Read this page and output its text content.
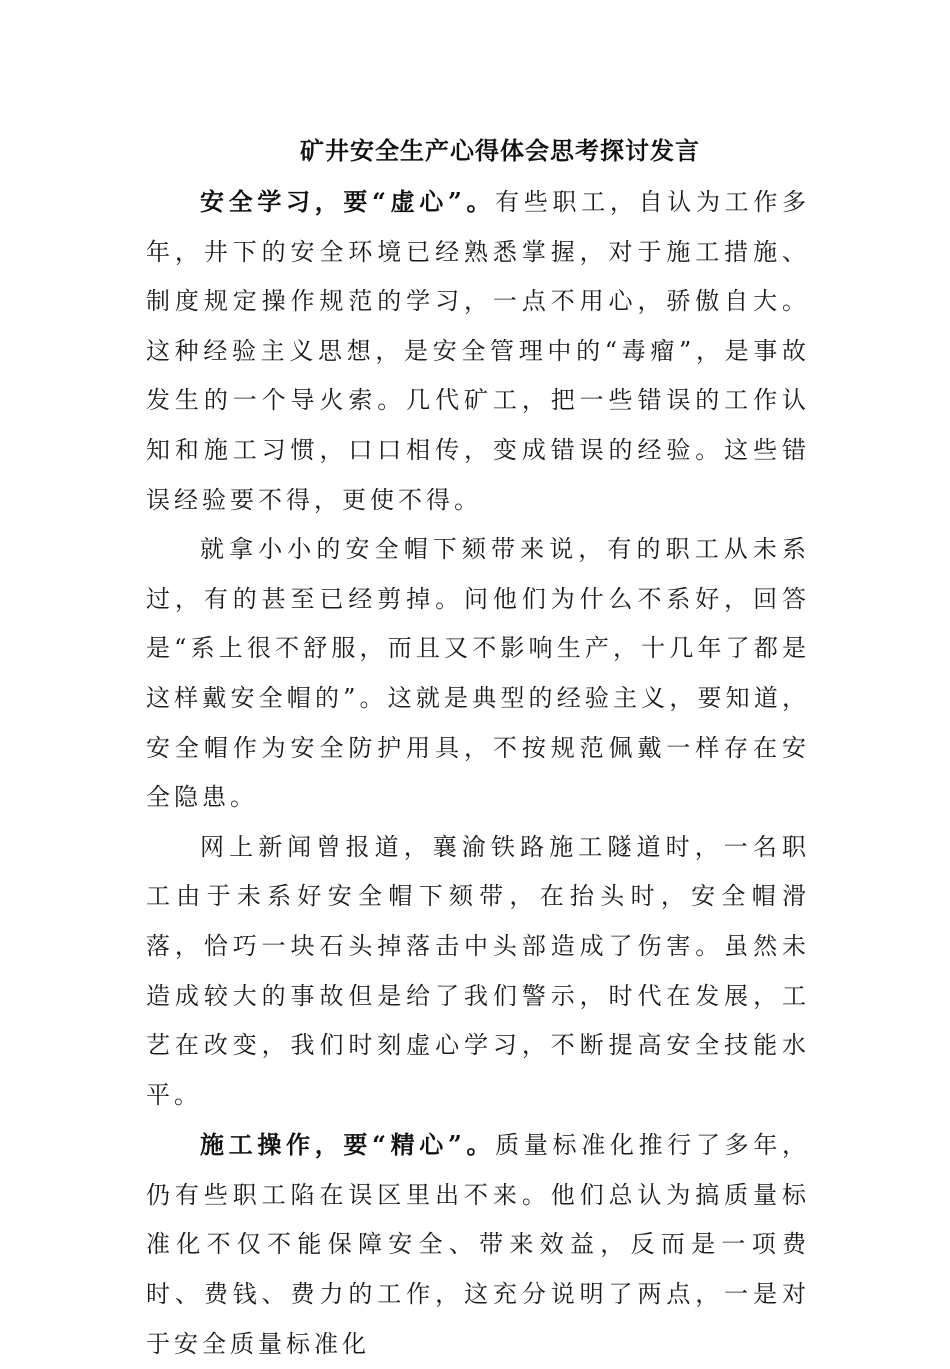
矿井安全生产心得体会思考探讨发言

安全学习，要“虚心”。有些职工，自认为工作多年，井下的安全环境已经熟悉掌握，对于施工措施、制度规定操作规范的学习，一点不用心，骄傲自大。这种经验主义思想，是安全管理中的“毒瘤”，是事故发生的一个导火索。几代矿工，把一些错误的工作认知和施工习惯，口口相传，变成错误的经验。这些错误经验要不得，更使不得。

就拿小小的安全帽下颏带来说，有的职工从未系过，有的甚至已经剪掉。问他们为什么不系好，回答是“系上很不舒服，而且又不影响生产，十几年了都是这样戴安全帽的”。这就是典型的经验主义，要知道，安全帽作为安全防护用具，不按规范佩戴一样存在安全隐患。

网上新闻曾报道，襄渝铁路施工隧道时，一名职工由于未系好安全帽下颏带，在抬头时，安全帽滑落，恰巧一块石头掉落击中头部造成了伤害。虽然未造成较大的事故但是给了我们警示，时代在发展，工艺在改变，我们时刻虚心学习，不断提高安全技能水平。

施工操作，要“精心”。质量标准化推行了多年，仍有些职工陷在误区里出不来。他们总认为搞质量标准化不仅不能保障安全、带来效益，反而是一项费时、费钱、费力的工作，这充分说明了两点，一是对于安全质量标准化
